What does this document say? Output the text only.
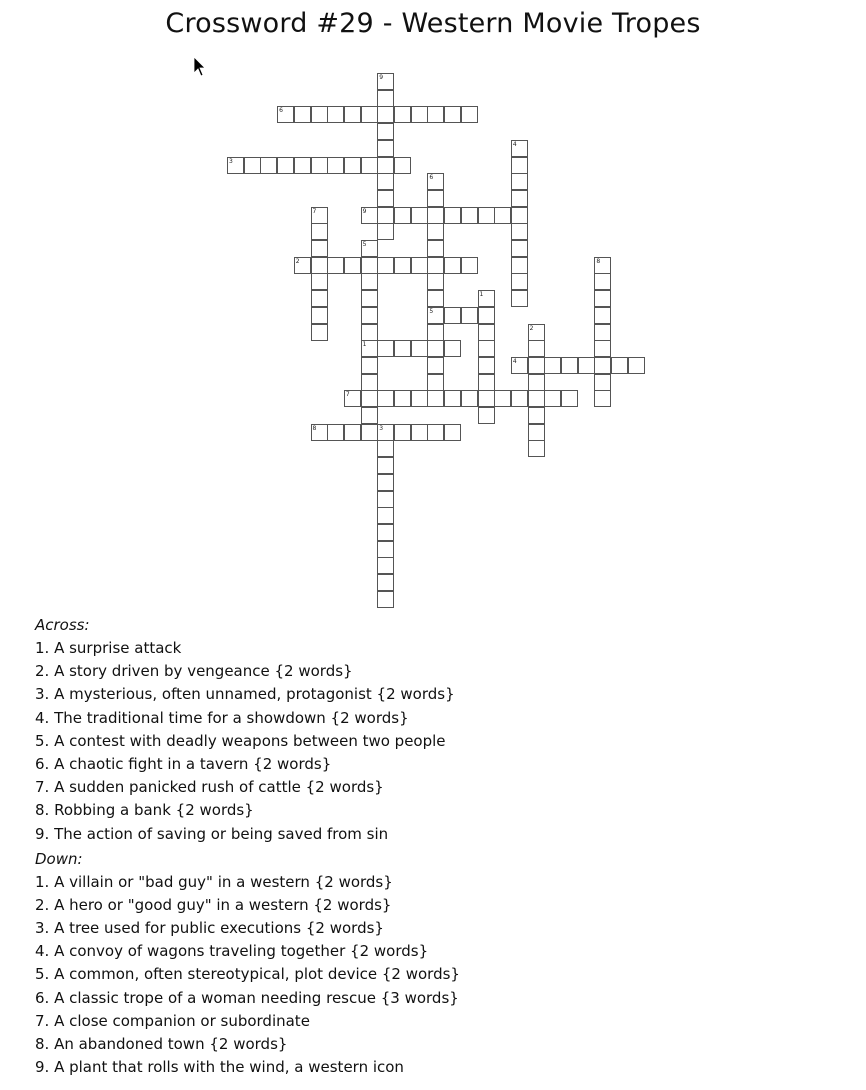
Crossword #29 - Western Movie Tropes
1
2
3
4
5
6
7
8
9
1
2
3
4
5
6
7
8
9
Across:
1. A surprise attack
2. A story driven by vengeance {2 words}
3. A mysterious, often unnamed, protagonist {2 words}
4. The traditional time for a showdown {2 words}
5. A contest with deadly weapons between two people
6. A chaotic fight in a tavern {2 words}
7. A sudden panicked rush of cattle {2 words}
8. Robbing a bank {2 words}
9. The action of saving or being saved from sin
Down:
1. A villain or "bad guy" in a western {2 words}
2. A hero or "good guy" in a western {2 words}
3. A tree used for public executions {2 words}
4. A convoy of wagons traveling together {2 words}
5. A common, often stereotypical, plot device {2 words}
6. A classic trope of a woman needing rescue {3 words}
7. A close companion or subordinate
8. An abandoned town {2 words}
9. A plant that rolls with the wind, a western icon
